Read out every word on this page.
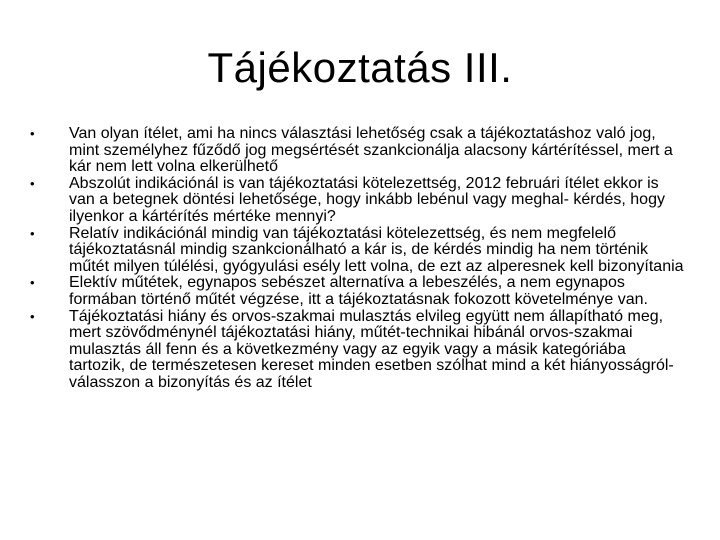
Tájékoztatás III.
•	Van olyan ítélet, ami ha nincs választási lehetőség csak a tájékoztatáshoz való jog, mint személyhez fűződő jog megsértését szankcionálja alacsony kártérítéssel, mert a kár nem lett volna elkerülhető
•	Abszolút indikációnál is van tájékoztatási kötelezettség, 2012 februári ítélet ekkor is van a betegnek döntési lehetősége, hogy inkább lebénul vagy meghal- kérdés, hogy ilyenkor a kártérítés mértéke mennyi?
•	Relatív indikációnál mindig van tájékoztatási kötelezettség, és nem megfelelő tájékoztatásnál mindig szankcionálható a kár is, de kérdés mindig ha nem történik műtét milyen túlélési, gyógyulási esély lett volna, de ezt az alperesnek kell bizonyítania
•	Elektív műtétek, egynapos sebészet alternatíva a lebeszélés, a nem egynapos formában történő műtét végzése, itt a tájékoztatásnak fokozott követelménye van.
•	Tájékoztatási hiány és orvos-szakmai mulasztás elvileg együtt nem állapítható meg, mert szövődménynél tájékoztatási hiány, műtét-technikai hibánál orvos-szakmai mulasztás áll fenn és a következmény vagy az egyik vagy a másik kategóriába tartozik, de természetesen kereset minden esetben szólhat mind a két hiányosságról- válasszon a bizonyítás és az ítélet
